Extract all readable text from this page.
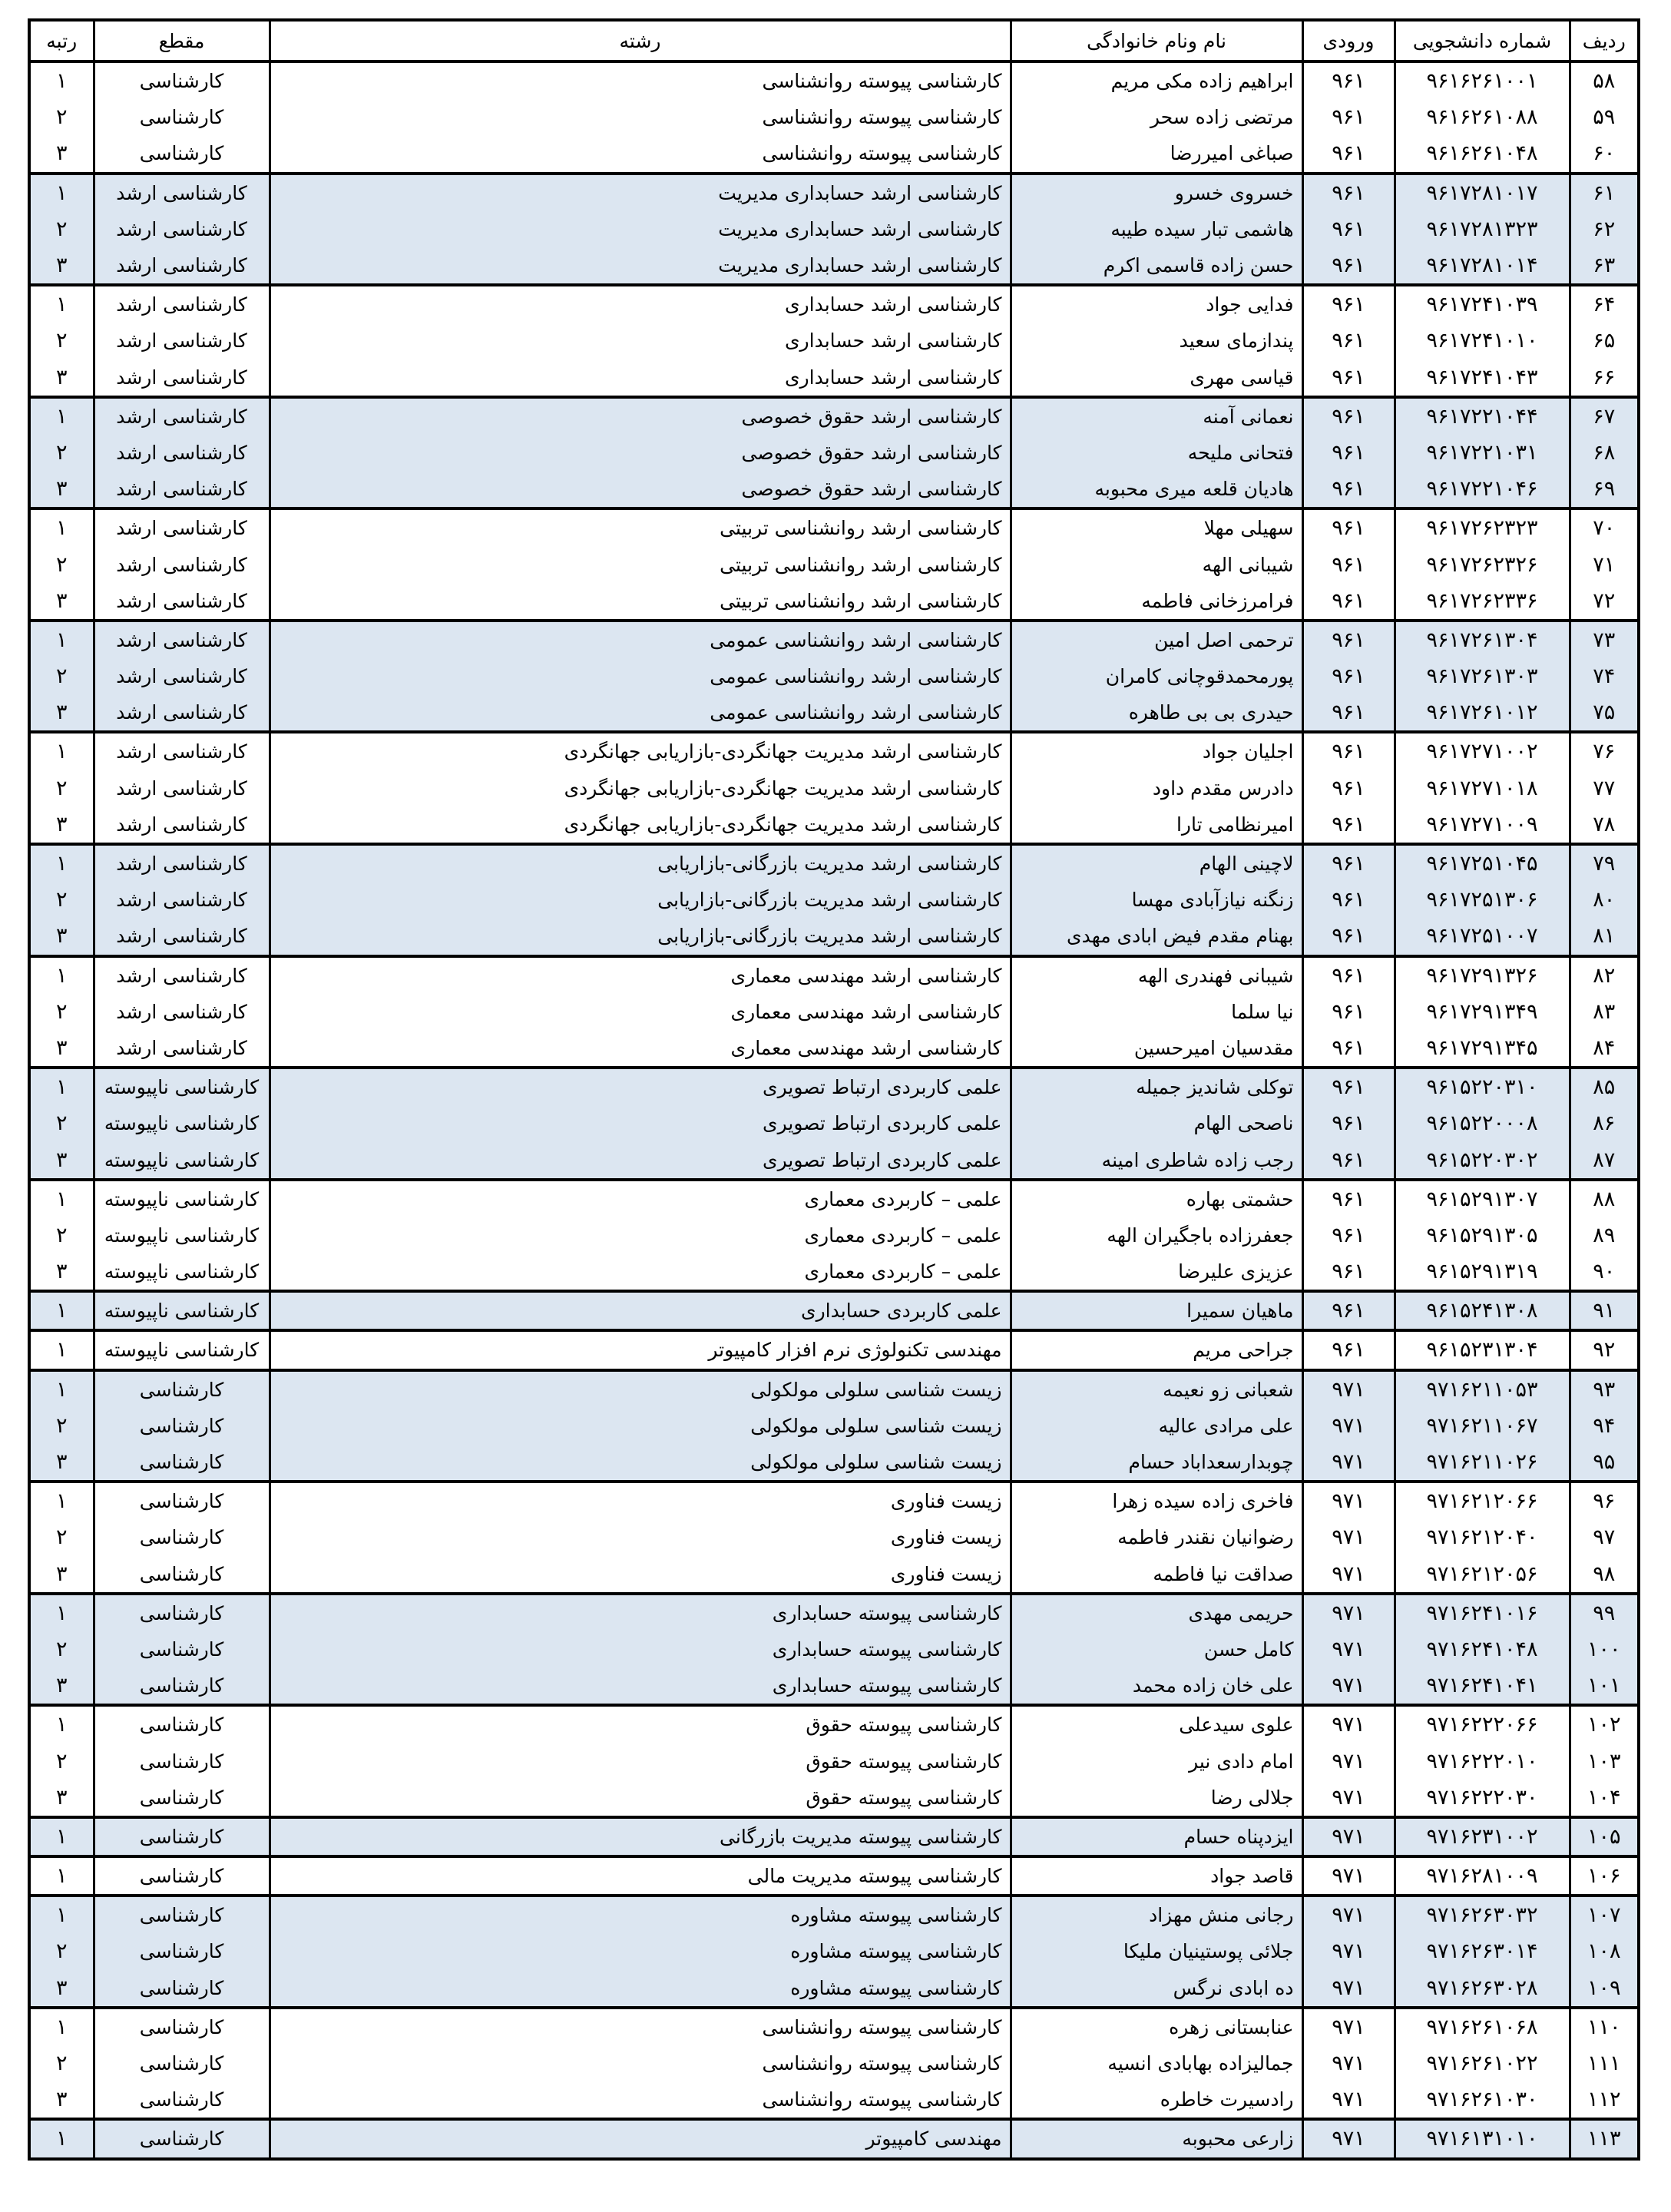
ردیف	شماره دانشجویی	ورودی	نام ونام خانوادگی	رشته	مقطع	رتبه
۵۸	۹۶۱۶۲۶۱۰۰۱	۹۶۱	ابراهیم زاده مکی مریم	کارشناسی پیوسته روانشناسی	کارشناسی	۱
۵۹	۹۶۱۶۲۶۱۰۸۸	۹۶۱	مرتضی زاده سحر	کارشناسی پیوسته روانشناسی	کارشناسی	۲
۶۰	۹۶۱۶۲۶۱۰۴۸	۹۶۱	صباغی امیررضا	کارشناسی پیوسته روانشناسی	کارشناسی	۳
۶۱	۹۶۱۷۲۸۱۰۱۷	۹۶۱	خسروی خسرو	کارشناسی ارشد حسابداری مدیریت	کارشناسی ارشد	۱
۶۲	۹۶۱۷۲۸۱۳۲۳	۹۶۱	هاشمی تبار سیده طیبه	کارشناسی ارشد حسابداری مدیریت	کارشناسی ارشد	۲
۶۳	۹۶۱۷۲۸۱۰۱۴	۹۶۱	حسن زاده قاسمی اکرم	کارشناسی ارشد حسابداری مدیریت	کارشناسی ارشد	۳
۶۴	۹۶۱۷۲۴۱۰۳۹	۹۶۱	فدایی جواد	کارشناسی ارشد حسابداری	کارشناسی ارشد	۱
۶۵	۹۶۱۷۲۴۱۰۱۰	۹۶۱	پندازمای سعید	کارشناسی ارشد حسابداری	کارشناسی ارشد	۲
۶۶	۹۶۱۷۲۴۱۰۴۳	۹۶۱	قیاسی مهری	کارشناسی ارشد حسابداری	کارشناسی ارشد	۳
۶۷	۹۶۱۷۲۲۱۰۴۴	۹۶۱	نعمانی آمنه	کارشناسی ارشد حقوق خصوصی	کارشناسی ارشد	۱
۶۸	۹۶۱۷۲۲۱۰۳۱	۹۶۱	فتحانی ملیحه	کارشناسی ارشد حقوق خصوصی	کارشناسی ارشد	۲
۶۹	۹۶۱۷۲۲۱۰۴۶	۹۶۱	هادیان قلعه میری محبوبه	کارشناسی ارشد حقوق خصوصی	کارشناسی ارشد	۳
۷۰	۹۶۱۷۲۶۲۳۲۳	۹۶۱	سهیلی مهلا	کارشناسی ارشد روانشناسی تربیتی	کارشناسی ارشد	۱
۷۱	۹۶۱۷۲۶۲۳۲۶	۹۶۱	شیبانی الهه	کارشناسی ارشد روانشناسی تربیتی	کارشناسی ارشد	۲
۷۲	۹۶۱۷۲۶۲۳۳۶	۹۶۱	فرامرزخانی فاطمه	کارشناسی ارشد روانشناسی تربیتی	کارشناسی ارشد	۳
۷۳	۹۶۱۷۲۶۱۳۰۴	۹۶۱	ترحمی اصل امین	کارشناسی ارشد روانشناسی عمومی	کارشناسی ارشد	۱
۷۴	۹۶۱۷۲۶۱۳۰۳	۹۶۱	پورمحمدقوچانی کامران	کارشناسی ارشد روانشناسی عمومی	کارشناسی ارشد	۲
۷۵	۹۶۱۷۲۶۱۰۱۲	۹۶۱	حیدری بی بی طاهره	کارشناسی ارشد روانشناسی عمومی	کارشناسی ارشد	۳
۷۶	۹۶۱۷۲۷۱۰۰۲	۹۶۱	اجلیان جواد	کارشناسی ارشد مدیریت جهانگردی-بازاریابی جهانگردی	کارشناسی ارشد	۱
۷۷	۹۶۱۷۲۷۱۰۱۸	۹۶۱	دادرس مقدم داود	کارشناسی ارشد مدیریت جهانگردی-بازاریابی جهانگردی	کارشناسی ارشد	۲
۷۸	۹۶۱۷۲۷۱۰۰۹	۹۶۱	امیرنظامی تارا	کارشناسی ارشد مدیریت جهانگردی-بازاریابی جهانگردی	کارشناسی ارشد	۳
۷۹	۹۶۱۷۲۵۱۰۴۵	۹۶۱	لاچینی الهام	کارشناسی ارشد مدیریت بازرگانی-بازاریابی	کارشناسی ارشد	۱
۸۰	۹۶۱۷۲۵۱۳۰۶	۹۶۱	زنگنه نیازآبادی مهسا	کارشناسی ارشد مدیریت بازرگانی-بازاریابی	کارشناسی ارشد	۲
۸۱	۹۶۱۷۲۵۱۰۰۷	۹۶۱	بهنام مقدم فیض ابادی مهدی	کارشناسی ارشد مدیریت بازرگانی-بازاریابی	کارشناسی ارشد	۳
۸۲	۹۶۱۷۲۹۱۳۲۶	۹۶۱	شیبانی فهندری الهه	کارشناسی ارشد مهندسی معماری	کارشناسی ارشد	۱
۸۳	۹۶۱۷۲۹۱۳۴۹	۹۶۱	نیا سلما	کارشناسی ارشد مهندسی معماری	کارشناسی ارشد	۲
۸۴	۹۶۱۷۲۹۱۳۴۵	۹۶۱	مقدسیان امیرحسین	کارشناسی ارشد مهندسی معماری	کارشناسی ارشد	۳
۸۵	۹۶۱۵۲۲۰۳۱۰	۹۶۱	توکلی شاندیز جمیله	علمی کاربردی ارتباط تصویری	کارشناسی ناپیوسته	۱
۸۶	۹۶۱۵۲۲۰۰۰۸	۹۶۱	ناصحی الهام	علمی کاربردی ارتباط تصویری	کارشناسی ناپیوسته	۲
۸۷	۹۶۱۵۲۲۰۳۰۲	۹۶۱	رجب زاده شاطری امینه	علمی کاربردی ارتباط تصویری	کارشناسی ناپیوسته	۳
۸۸	۹۶۱۵۲۹۱۳۰۷	۹۶۱	حشمتی بهاره	علمی – کاربردی معماری	کارشناسی ناپیوسته	۱
۸۹	۹۶۱۵۲۹۱۳۰۵	۹۶۱	جعفرزاده باجگیران الهه	علمی – کاربردی معماری	کارشناسی ناپیوسته	۲
۹۰	۹۶۱۵۲۹۱۳۱۹	۹۶۱	عزیزی علیرضا	علمی – کاربردی معماری	کارشناسی ناپیوسته	۳
۹۱	۹۶۱۵۲۴۱۳۰۸	۹۶۱	ماهیان سمیرا	علمی کاربردی حسابداری	کارشناسی ناپیوسته	۱
۹۲	۹۶۱۵۲۳۱۳۰۴	۹۶۱	جراحی مریم	مهندسی تکنولوژی نرم افزار کامپیوتر	کارشناسی ناپیوسته	۱
۹۳	۹۷۱۶۲۱۱۰۵۳	۹۷۱	شعبانی زو نعیمه	زیست شناسی سلولی مولکولی	کارشناسی	۱
۹۴	۹۷۱۶۲۱۱۰۶۷	۹۷۱	علی مرادی عالیه	زیست شناسی سلولی مولکولی	کارشناسی	۲
۹۵	۹۷۱۶۲۱۱۰۲۶	۹۷۱	چوبدارسعداباد حسام	زیست شناسی سلولی مولکولی	کارشناسی	۳
۹۶	۹۷۱۶۲۱۲۰۶۶	۹۷۱	فاخری زاده سیده زهرا	زیست فناوری	کارشناسی	۱
۹۷	۹۷۱۶۲۱۲۰۴۰	۹۷۱	رضوانیان نقندر فاطمه	زیست فناوری	کارشناسی	۲
۹۸	۹۷۱۶۲۱۲۰۵۶	۹۷۱	صداقت نیا فاطمه	زیست فناوری	کارشناسی	۳
۹۹	۹۷۱۶۲۴۱۰۱۶	۹۷۱	حریمی مهدی	کارشناسی پیوسته حسابداری	کارشناسی	۱
۱۰۰	۹۷۱۶۲۴۱۰۴۸	۹۷۱	کامل حسن	کارشناسی پیوسته حسابداری	کارشناسی	۲
۱۰۱	۹۷۱۶۲۴۱۰۴۱	۹۷۱	علی خان زاده محمد	کارشناسی پیوسته حسابداری	کارشناسی	۳
۱۰۲	۹۷۱۶۲۲۲۰۶۶	۹۷۱	علوی سیدعلی	کارشناسی پیوسته حقوق	کارشناسی	۱
۱۰۳	۹۷۱۶۲۲۲۰۱۰	۹۷۱	امام دادی نیر	کارشناسی پیوسته حقوق	کارشناسی	۲
۱۰۴	۹۷۱۶۲۲۲۰۳۰	۹۷۱	جلالی رضا	کارشناسی پیوسته حقوق	کارشناسی	۳
۱۰۵	۹۷۱۶۲۳۱۰۰۲	۹۷۱	ایزدپناه حسام	کارشناسی پیوسته مدیریت بازرگانی	کارشناسی	۱
۱۰۶	۹۷۱۶۲۸۱۰۰۹	۹۷۱	قاصد جواد	کارشناسی پیوسته مدیریت مالی	کارشناسی	۱
۱۰۷	۹۷۱۶۲۶۳۰۳۲	۹۷۱	رجانی منش مهزاد	کارشناسی پیوسته مشاوره	کارشناسی	۱
۱۰۸	۹۷۱۶۲۶۳۰۱۴	۹۷۱	جلائی پوستینیان ملیکا	کارشناسی پیوسته مشاوره	کارشناسی	۲
۱۰۹	۹۷۱۶۲۶۳۰۲۸	۹۷۱	ده ابادی نرگس	کارشناسی پیوسته مشاوره	کارشناسی	۳
۱۱۰	۹۷۱۶۲۶۱۰۶۸	۹۷۱	عنابستانی زهره	کارشناسی پیوسته روانشناسی	کارشناسی	۱
۱۱۱	۹۷۱۶۲۶۱۰۲۲	۹۷۱	جمالیزاده بهابادی انسیه	کارشناسی پیوسته روانشناسی	کارشناسی	۲
۱۱۲	۹۷۱۶۲۶۱۰۳۰	۹۷۱	رادسیرت خاطره	کارشناسی پیوسته روانشناسی	کارشناسی	۳
۱۱۳	۹۷۱۶۱۳۱۰۱۰	۹۷۱	زارعی محبوبه	مهندسی کامپیوتر	کارشناسی	۱
